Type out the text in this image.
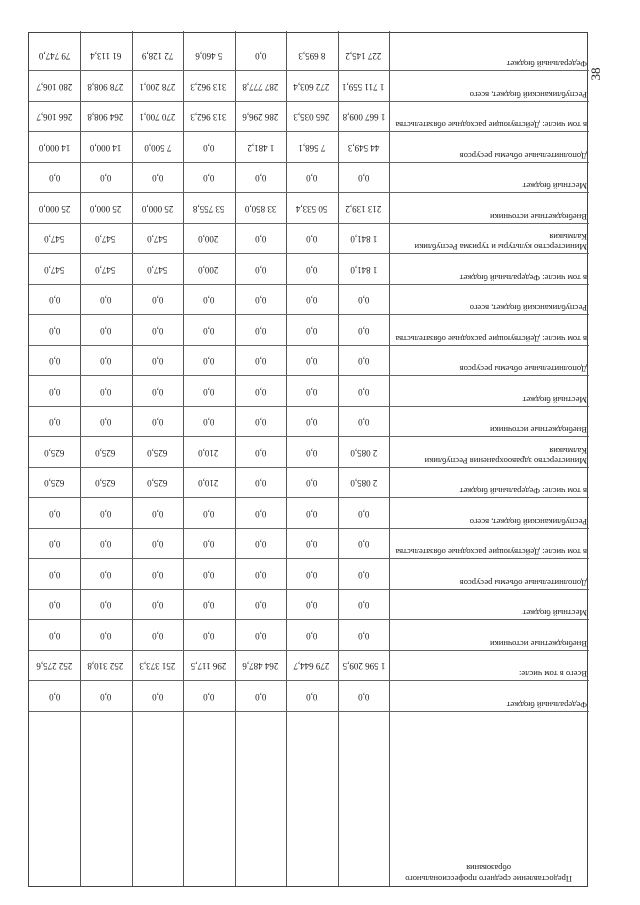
38
Федеральный бюджет
227 145,2
8 695,3
0,0
5 460,6
72 128,9
61 113,4
79 747,0
Республиканский бюджет, всего
1 711 559,1
272 603,4
287 777,8
313 962,3
278 200,1
278 908,8
280 106,7
в том числе: Действующие расходные обязательства
1 667 009,8
265 035,3
286 296,6
313 962,3
270 700,1
264 908,8
266 106,7
Дополнительные объемы ресурсов
44 549,3
7 568,1
1 481,2
0,0
7 500,0
14 000,0
14 000,0
Местный бюджет
0,0
0,0
0,0
0,0
0,0
0,0
0,0
Внебюджетные источники
213 139,2
50 533,4
33 850,0
53 755,8
25 000,0
25 000,0
25 000,0
Министерство культуры и туризма Республики Калмыкия
1 841,0
0,0
0,0
200,0
547,0
547,0
547,0
в том числе: Федеральный бюджет
1 841,0
0,0
0,0
200,0
547,0
547,0
547,0
Республиканский бюджет, всего
0,0
0,0
0,0
0,0
0,0
0,0
0,0
в том числе: Действующие расходные обязательства
0,0
0,0
0,0
0,0
0,0
0,0
0,0
Дополнительные объемы ресурсов
0,0
0,0
0,0
0,0
0,0
0,0
0,0
Местный бюджет
0,0
0,0
0,0
0,0
0,0
0,0
0,0
Внебюджетные источники
0,0
0,0
0,0
0,0
0,0
0,0
0,0
Министерство здравоохранения Республики Калмыкия
2 085,0
0,0
0,0
210,0
625,0
625,0
625,0
в том числе: Федеральный бюджет
2 085,0
0,0
0,0
210,0
625,0
625,0
625,0
Республиканский бюджет, всего
0,0
0,0
0,0
0,0
0,0
0,0
0,0
в том числе: Действующие расходные обязательства
0,0
0,0
0,0
0,0
0,0
0,0
0,0
Дополнительные объемы ресурсов
0,0
0,0
0,0
0,0
0,0
0,0
0,0
Местный бюджет
0,0
0,0
0,0
0,0
0,0
0,0
0,0
Внебюджетные источники
0,0
0,0
0,0
0,0
0,0
0,0
0,0
Всего в том числе:
1 596 209,5
279 644,7
264 487,6
296 117,5
251 373,3
252 310,8
252 275,6
Федеральный бюджет
0,0
0,0
0,0
0,0
0,0
0,0
0,0
Предоставление среднего профессионального образования
